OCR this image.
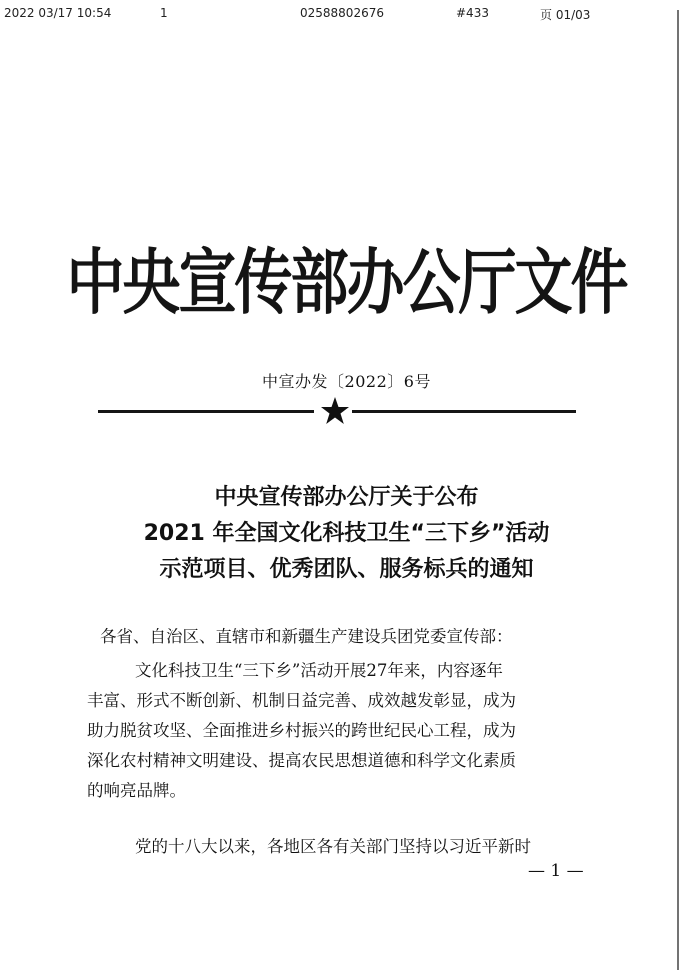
2022 03/17 10:54	1	02588802676	#433	页 01/03
中央宣传部办公厅文件
中宣办发〔2022〕6号
中央宣传部办公厅关于公布
2021 年全国文化科技卫生“三下乡”活动
示范项目、优秀团队、服务标兵的通知
各省、自治区、直辖市和新疆生产建设兵团党委宣传部：
文化科技卫生“三下乡”活动开展27年来，内容逐年
丰富、形式不断创新、机制日益完善、成效越发彰显，成为
助力脱贫攻坚、全面推进乡村振兴的跨世纪民心工程，成为
深化农村精神文明建设、提高农民思想道德和科学文化素质
的响亮品牌。
党的十八大以来，各地区各有关部门坚持以习近平新时
— 1 —
